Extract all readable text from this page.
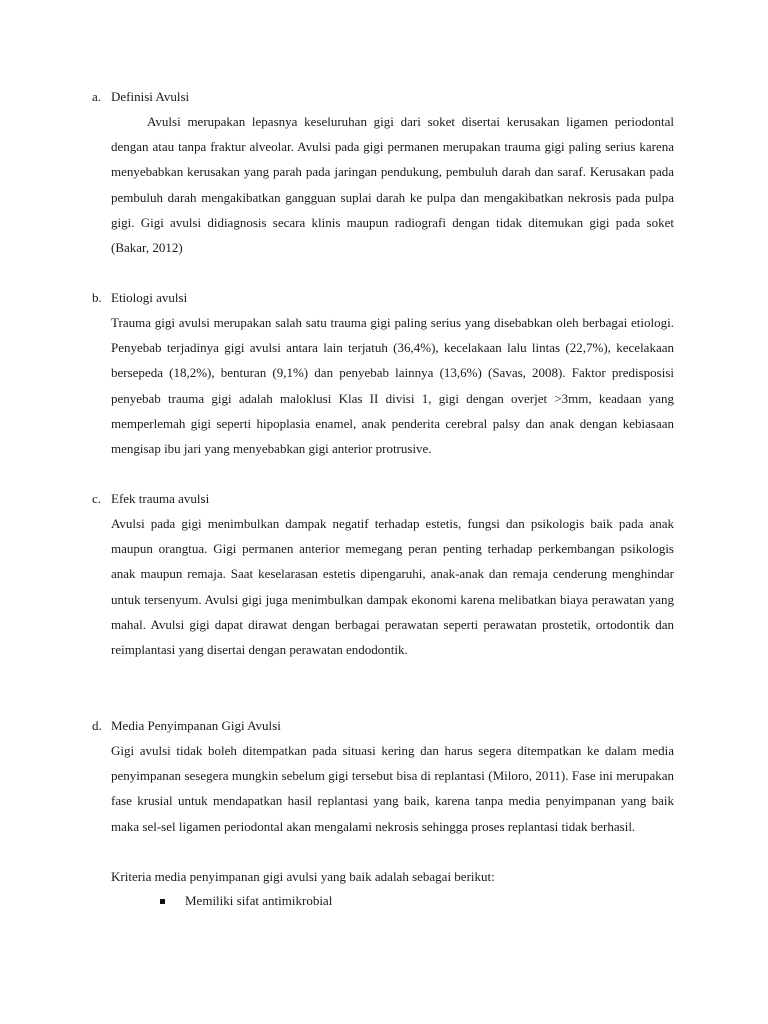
a. Definisi Avulsi
Avulsi merupakan lepasnya keseluruhan gigi dari soket disertai kerusakan ligamen periodontal dengan atau tanpa fraktur alveolar. Avulsi pada gigi permanen merupakan trauma gigi paling serius karena menyebabkan kerusakan yang parah pada jaringan pendukung, pembuluh darah dan saraf. Kerusakan pada pembuluh darah mengakibatkan gangguan suplai darah ke pulpa dan mengakibatkan nekrosis pada pulpa gigi. Gigi avulsi didiagnosis secara klinis maupun radiografi dengan tidak ditemukan gigi pada soket (Bakar, 2012)
b. Etiologi avulsi
Trauma gigi avulsi merupakan salah satu trauma gigi paling serius yang disebabkan oleh berbagai etiologi. Penyebab terjadinya gigi avulsi antara lain terjatuh (36,4%), kecelakaan lalu lintas (22,7%), kecelakaan bersepeda (18,2%), benturan (9,1%) dan penyebab lainnya (13,6%) (Savas, 2008). Faktor predisposisi penyebab trauma gigi adalah maloklusi Klas II divisi 1, gigi dengan overjet >3mm, keadaan yang memperlemah gigi seperti hipoplasia enamel, anak penderita cerebral palsy dan anak dengan kebiasaan mengisap ibu jari yang menyebabkan gigi anterior protrusive.
c. Efek trauma avulsi
Avulsi pada gigi menimbulkan dampak negatif terhadap estetis, fungsi dan psikologis baik pada anak maupun orangtua. Gigi permanen anterior memegang peran penting terhadap perkembangan psikologis anak maupun remaja. Saat keselarasan estetis dipengaruhi, anak-anak dan remaja cenderung menghindar untuk tersenyum. Avulsi gigi juga menimbulkan dampak ekonomi karena melibatkan biaya perawatan yang mahal. Avulsi gigi dapat dirawat dengan berbagai perawatan seperti perawatan prostetik, ortodontik dan reimplantasi yang disertai dengan perawatan endodontik.
d. Media Penyimpanan Gigi Avulsi
Gigi avulsi tidak boleh ditempatkan pada situasi kering dan harus segera ditempatkan ke dalam media penyimpanan sesegera mungkin sebelum gigi tersebut bisa di replantasi (Miloro, 2011). Fase ini merupakan fase krusial untuk mendapatkan hasil replantasi yang baik, karena tanpa media penyimpanan yang baik maka sel-sel ligamen periodontal akan mengalami nekrosis sehingga proses replantasi tidak berhasil.
Kriteria media penyimpanan gigi avulsi yang baik adalah sebagai berikut:
Memiliki sifat antimikrobial
